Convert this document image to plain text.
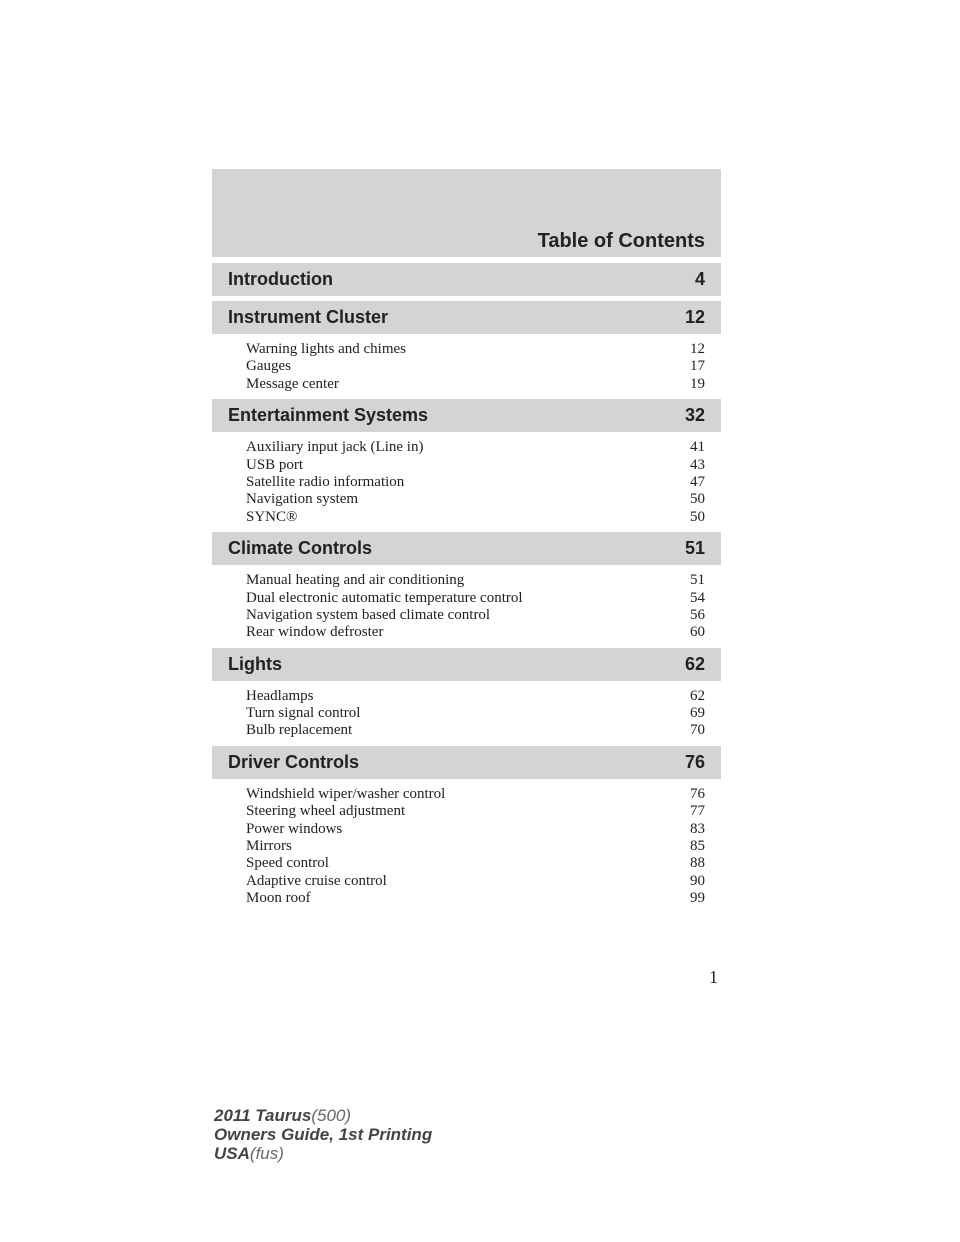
Table of Contents
Introduction	4
Instrument Cluster	12
Warning lights and chimes	12
Gauges	17
Message center	19
Entertainment Systems	32
Auxiliary input jack (Line in)	41
USB port	43
Satellite radio information	47
Navigation system	50
SYNC®	50
Climate Controls	51
Manual heating and air conditioning	51
Dual electronic automatic temperature control	54
Navigation system based climate control	56
Rear window defroster	60
Lights	62
Headlamps	62
Turn signal control	69
Bulb replacement	70
Driver Controls	76
Windshield wiper/washer control	76
Steering wheel adjustment	77
Power windows	83
Mirrors	85
Speed control	88
Adaptive cruise control	90
Moon roof	99
1
2011 Taurus(500)
Owners Guide, 1st Printing
USA(fus)
